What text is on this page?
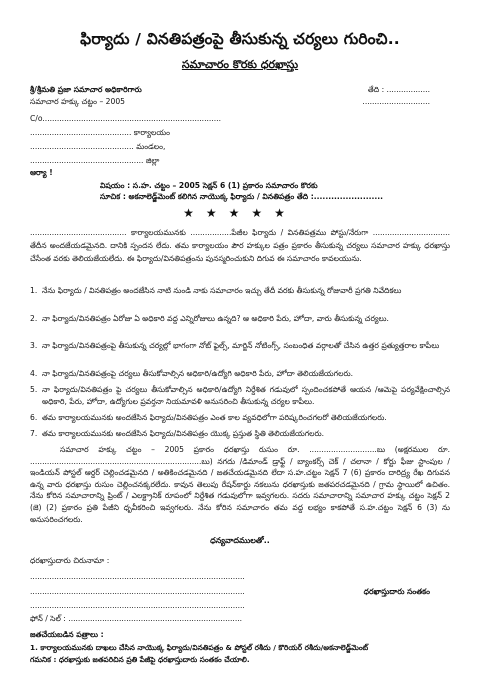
ఫిర్యాదు / వినతిపత్రంపై తీసుకున్న చర్యలు గురించి..
సమాచారం కొరకు ధరఖాస్తు
శ్రీ/శ్రీమతి ప్రజా సమాచార అధికారిగారు	తేది : ..................
సమాచార హక్కు చట్టం – 2005	............................
C/o..........................................................................
.......................................... కార్యాలయం
........................................... మండలం,
............................................... జిల్లా
ఆర్యా !
విషయం : స.హ. చట్టం – 2005 సెక్షన్ 6 (1) ప్రకారం సమాచారం కొరకు
సూచిక : అకనాలెడ్జ్‌మెంట్ కలిగిన నాయొక్క ఫిర్యాదు / వినతిపత్రం తేది :........................
★★★★★
........................................ కార్యాలయమునకు .................పేజీల ఫిర్యాదు / వినతిపత్రము పోస్టు/నేరుగా ................................ తేదీన అందజేయడమైనది. దానికి స్పందన లేదు. తమ కార్యాలయం పౌర హక్కుల పత్రం ప్రకారం తీసుకున్న చర్యలు సమాచార హక్కు ధరఖాస్తు చేసేంత వరకు తెలియజేయలేదు. ఈ ఫిర్యాదు/వినతిపత్రంను పునస్మరించుకుని దిగువ ఈ సమాచారం కావలయును.
1. నేను ఫిర్యాదు / వినతిపత్రం అందజేసిన నాటి నుండి నాకు సమాచారం ఇచ్చు తేదీ వరకు తీసుకున్న రోజువారీ ప్రగతి నివేదికలు
2. నా ఫిర్యాదు/వినతిపత్రం ఏరోజు ఏ అధికారి వద్ద ఎన్నిరోజులు ఉన్నది? ఆ అధికారి పేరు, హోదా, వారు తీసుకున్న చర్యలు.
3. నా ఫిర్యాదు/వినతిపత్రంపై తీసుకున్న చర్యల్లో భాగంగా నోట్ ఫైల్స్, మార్జిన్ నోటింగ్స్, సంబంధిత వర్గాలతో చేసిన ఉత్తర ప్రత్యుత్తరాల కాపీలు
4. నా ఫిర్యాదు/వినతిపత్రంపై చర్యలు తీసుకోవాల్సిన అధికారి/ఉద్యోగి అధికారి పేరు, హోదా తెలియజేయగలరు.
5. నా ఫిర్యాదు/వినతిపత్రం పై చర్యలు తీసుకోవాల్సిన అధికారి/ఉద్యోగి నిర్దేశిత గడువులో స్పందించకపోతే ఆయన /ఆమెపై పర్యవేక్షించాల్సిన అధికారి, పేరు, హోదా, ఉద్యోగుల ప్రవర్తనా నియమావళి అనుసరించి తీసుకున్న చర్యల కాపీలు.
6. తమ కార్యాలయమునకు అందజేసిన ఫిర్యాదు/వినతిపత్రం ఎంత కాల వ్యవధిలోగా పరిష్కరించగలరో తెలియజేయగలరు.
7. తమ కార్యాలయమునకు అందజేసిన ఫిర్యాదు/వినతిపత్రం యొక్క ప్రస్తుత స్థితి తెలియజేయగలరు.
సమాచార హక్కు చట్టం – 2005 ప్రకారం ధరఖాస్తు రుసుం రూ. ............................బు (అక్షరముల రూ. .......................................................................బు) నగదు /డిమాండ్ డ్రాఫ్ట్ / బ్యాంకర్స్ చెక్ / చలానా / కోర్టు ఫీజు స్టాంపుల / ఇండియన్ పోస్టల్ ఆర్డర్ చెల్లించడమైనది / అతికించడమైనది / జతచేయడమైనది లేదా స.హ.చట్టం సెక్షన్ 7 (6) ప్రకారం దారిద్ర్య రేఖ దిగువన ఉన్న వారు ధరఖాస్తు రుసుం చెల్లించనక్కరలేదు. కావున తెలుపు రేషన్‌కార్డు నకలును ధరఖాస్తుకు జతపరచడమైనది / గ్రామ స్థాయిలో ఉచితం. నేను కోరిన సమాచారాన్ని ప్రింట్ / ఎలక్ట్రానిక్ రూపంలో నిర్దేశిత గడువులోగా ఇవ్వగలరు. సదరు సమాచారాన్ని సమాచార హక్కు చట్టం సెక్షన్ 2 (జె) (2) ప్రకారం ప్రతి పేజీని ధృవీకరించి ఇవ్వగలరు. నేను కోరిన సమాచారం తమ వద్ద లభ్యం కాకపోతే స.హ.చట్టం సెక్షన్ 6 (3) ను అనుసరించగలరు.
ధన్యవాదములతో..
ధరఖాస్తుదారు చిరునామా :
.........................................................................................
.........................................................................................	ధరఖాస్తుదారు సంతకం
.........................................................................................
ఫోన్ / సెల్ : ........................................................................
జతచేయబడిన పత్రాలు :
1. కార్యాలయమునకు దాఖలు చేసిన నాయొక్క ఫిర్యాదు/వినతిపత్రం & పోస్టల్ రశీదు / కొరియర్ రశీదు/అకనాలెడ్జ్‌మెంట్
గమనిక : ధరఖాస్తుకు జతపరిచిన ప్రతి పేజీపై ధరఖాస్తుదారు సంతకం చేయాలి.
